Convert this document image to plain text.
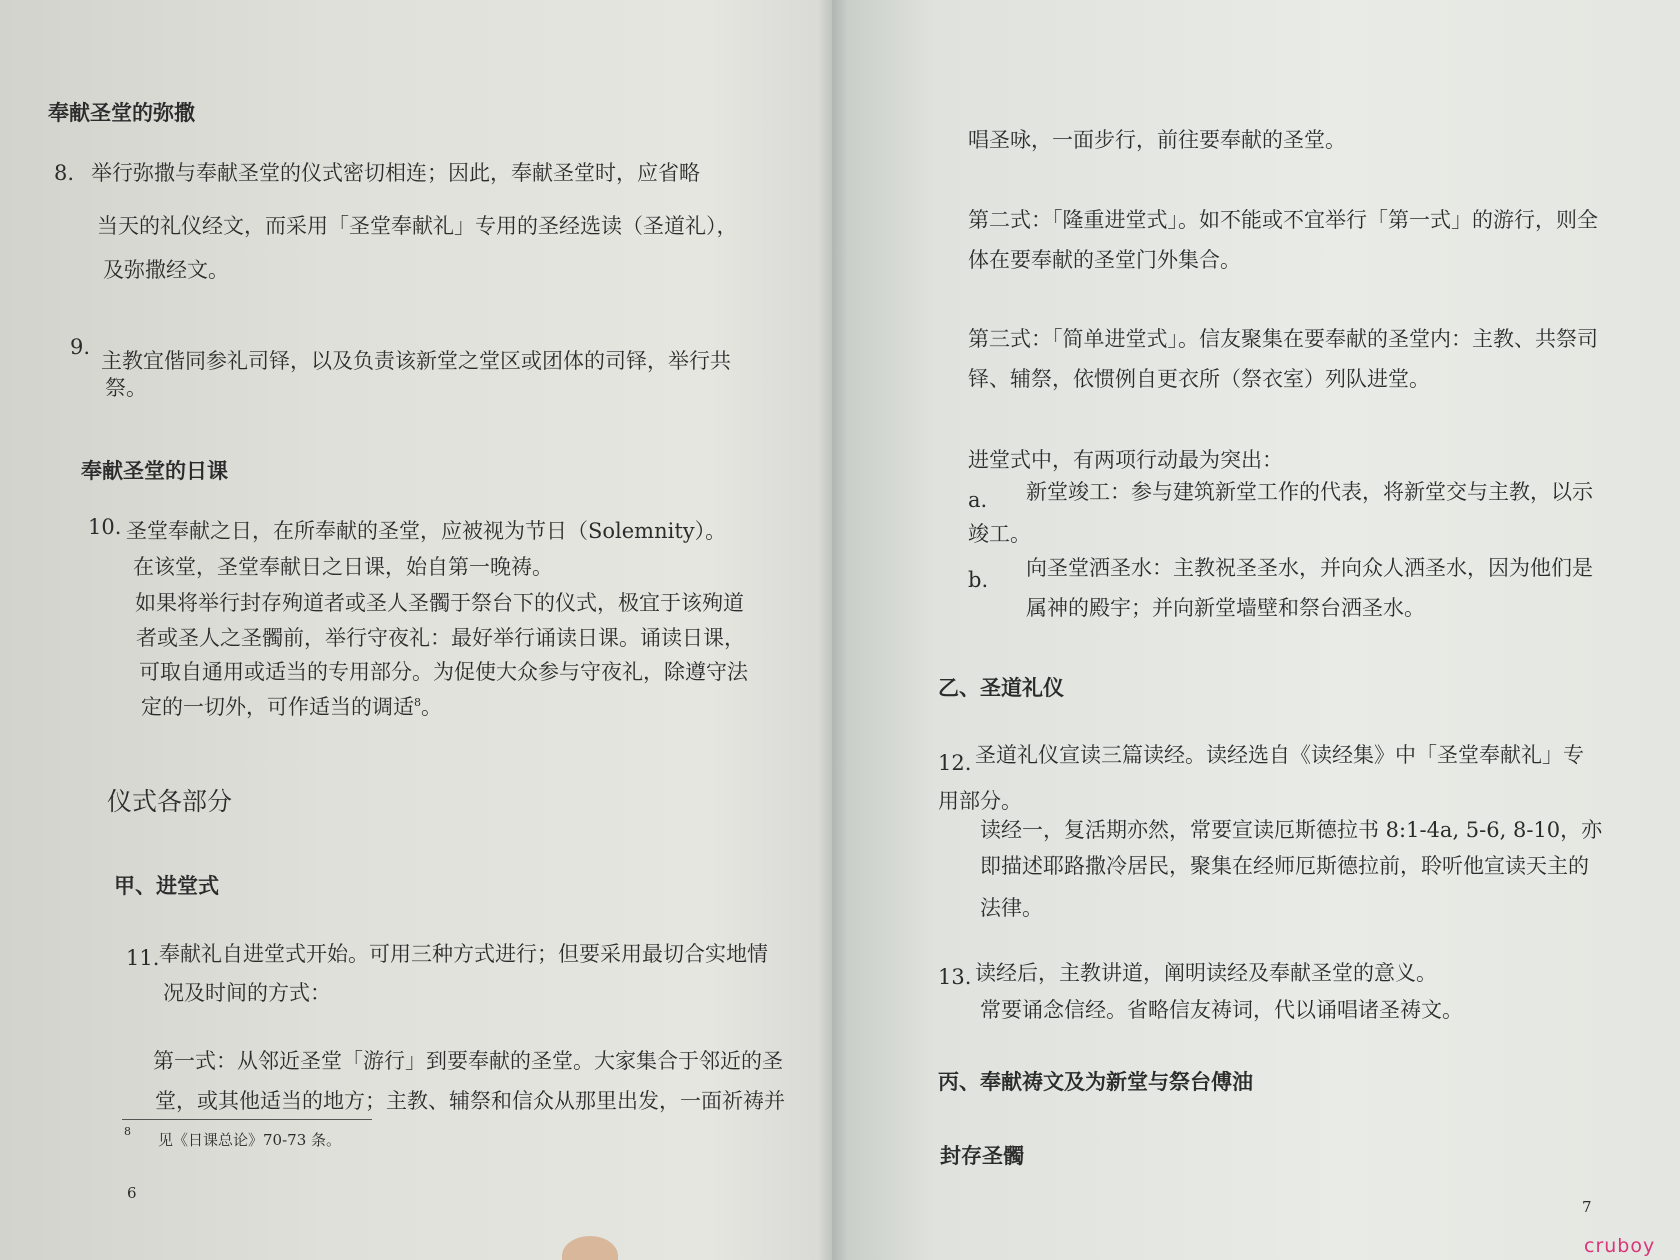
奉献圣堂的弥撒
8. 举行弥撒与奉献圣堂的仪式密切相连；因此，奉献圣堂时，应省略
当天的礼仪经文，而采用「圣堂奉献礼」专用的圣经选读（圣道礼），
及弥撒经文。
9.
主教宜偕同参礼司铎，以及负责该新堂之堂区或团体的司铎，举行共
祭。
奉献圣堂的日课
10. 圣堂奉献之日，在所奉献的圣堂，应被视为节日（Solemnity）。
在该堂，圣堂奉献日之日课，始自第一晚祷。
如果将举行封存殉道者或圣人圣髑于祭台下的仪式，极宜于该殉道
者或圣人之圣髑前，举行守夜礼：最好举行诵读日课。诵读日课，
可取自通用或适当的专用部分。为促使大众参与守夜礼，除遵守法
定的一切外，可作适当的调适$^8$。
仪式各部分
甲、进堂式
11. 奉献礼自进堂式开始。可用三种方式进行；但要采用最切合实地情
况及时间的方式：
第一式：从邻近圣堂「游行」到要奉献的圣堂。大家集合于邻近的圣
堂，或其他适当的地方；主教、辅祭和信众从那里出发，一面祈祷并
8 见《日课总论》70-73 条。
6
唱圣咏，一面步行，前往要奉献的圣堂。
第二式：「隆重进堂式」。如不能或不宜举行「第一式」的游行，则全
体在要奉献的圣堂门外集合。
第三式：「简单进堂式」。信友聚集在要奉献的圣堂内：主教、共祭司
铎、辅祭，依惯例自更衣所（祭衣室）列队进堂。
进堂式中，有两项行动最为突出：
a. 新堂竣工：参与建筑新堂工作的代表，将新堂交与主教，以示
竣工。
b. 向圣堂洒圣水：主教祝圣圣水，并向众人洒圣水，因为他们是
属神的殿宇；并向新堂墙壁和祭台洒圣水。
乙、圣道礼仪
12. 圣道礼仪宣读三篇读经。读经选自《读经集》中「圣堂奉献礼」专
用部分。
读经一，复活期亦然，常要宣读厄斯德拉书 8:1-4a, 5-6, 8-10，亦
即描述耶路撒冷居民，聚集在经师厄斯德拉前，聆听他宣读天主的
法律。
13. 读经后，主教讲道，阐明读经及奉献圣堂的意义。
常要诵念信经。省略信友祷词，代以诵唱诸圣祷文。
丙、奉献祷文及为新堂与祭台傅油
封存圣髑
7
cruboy
